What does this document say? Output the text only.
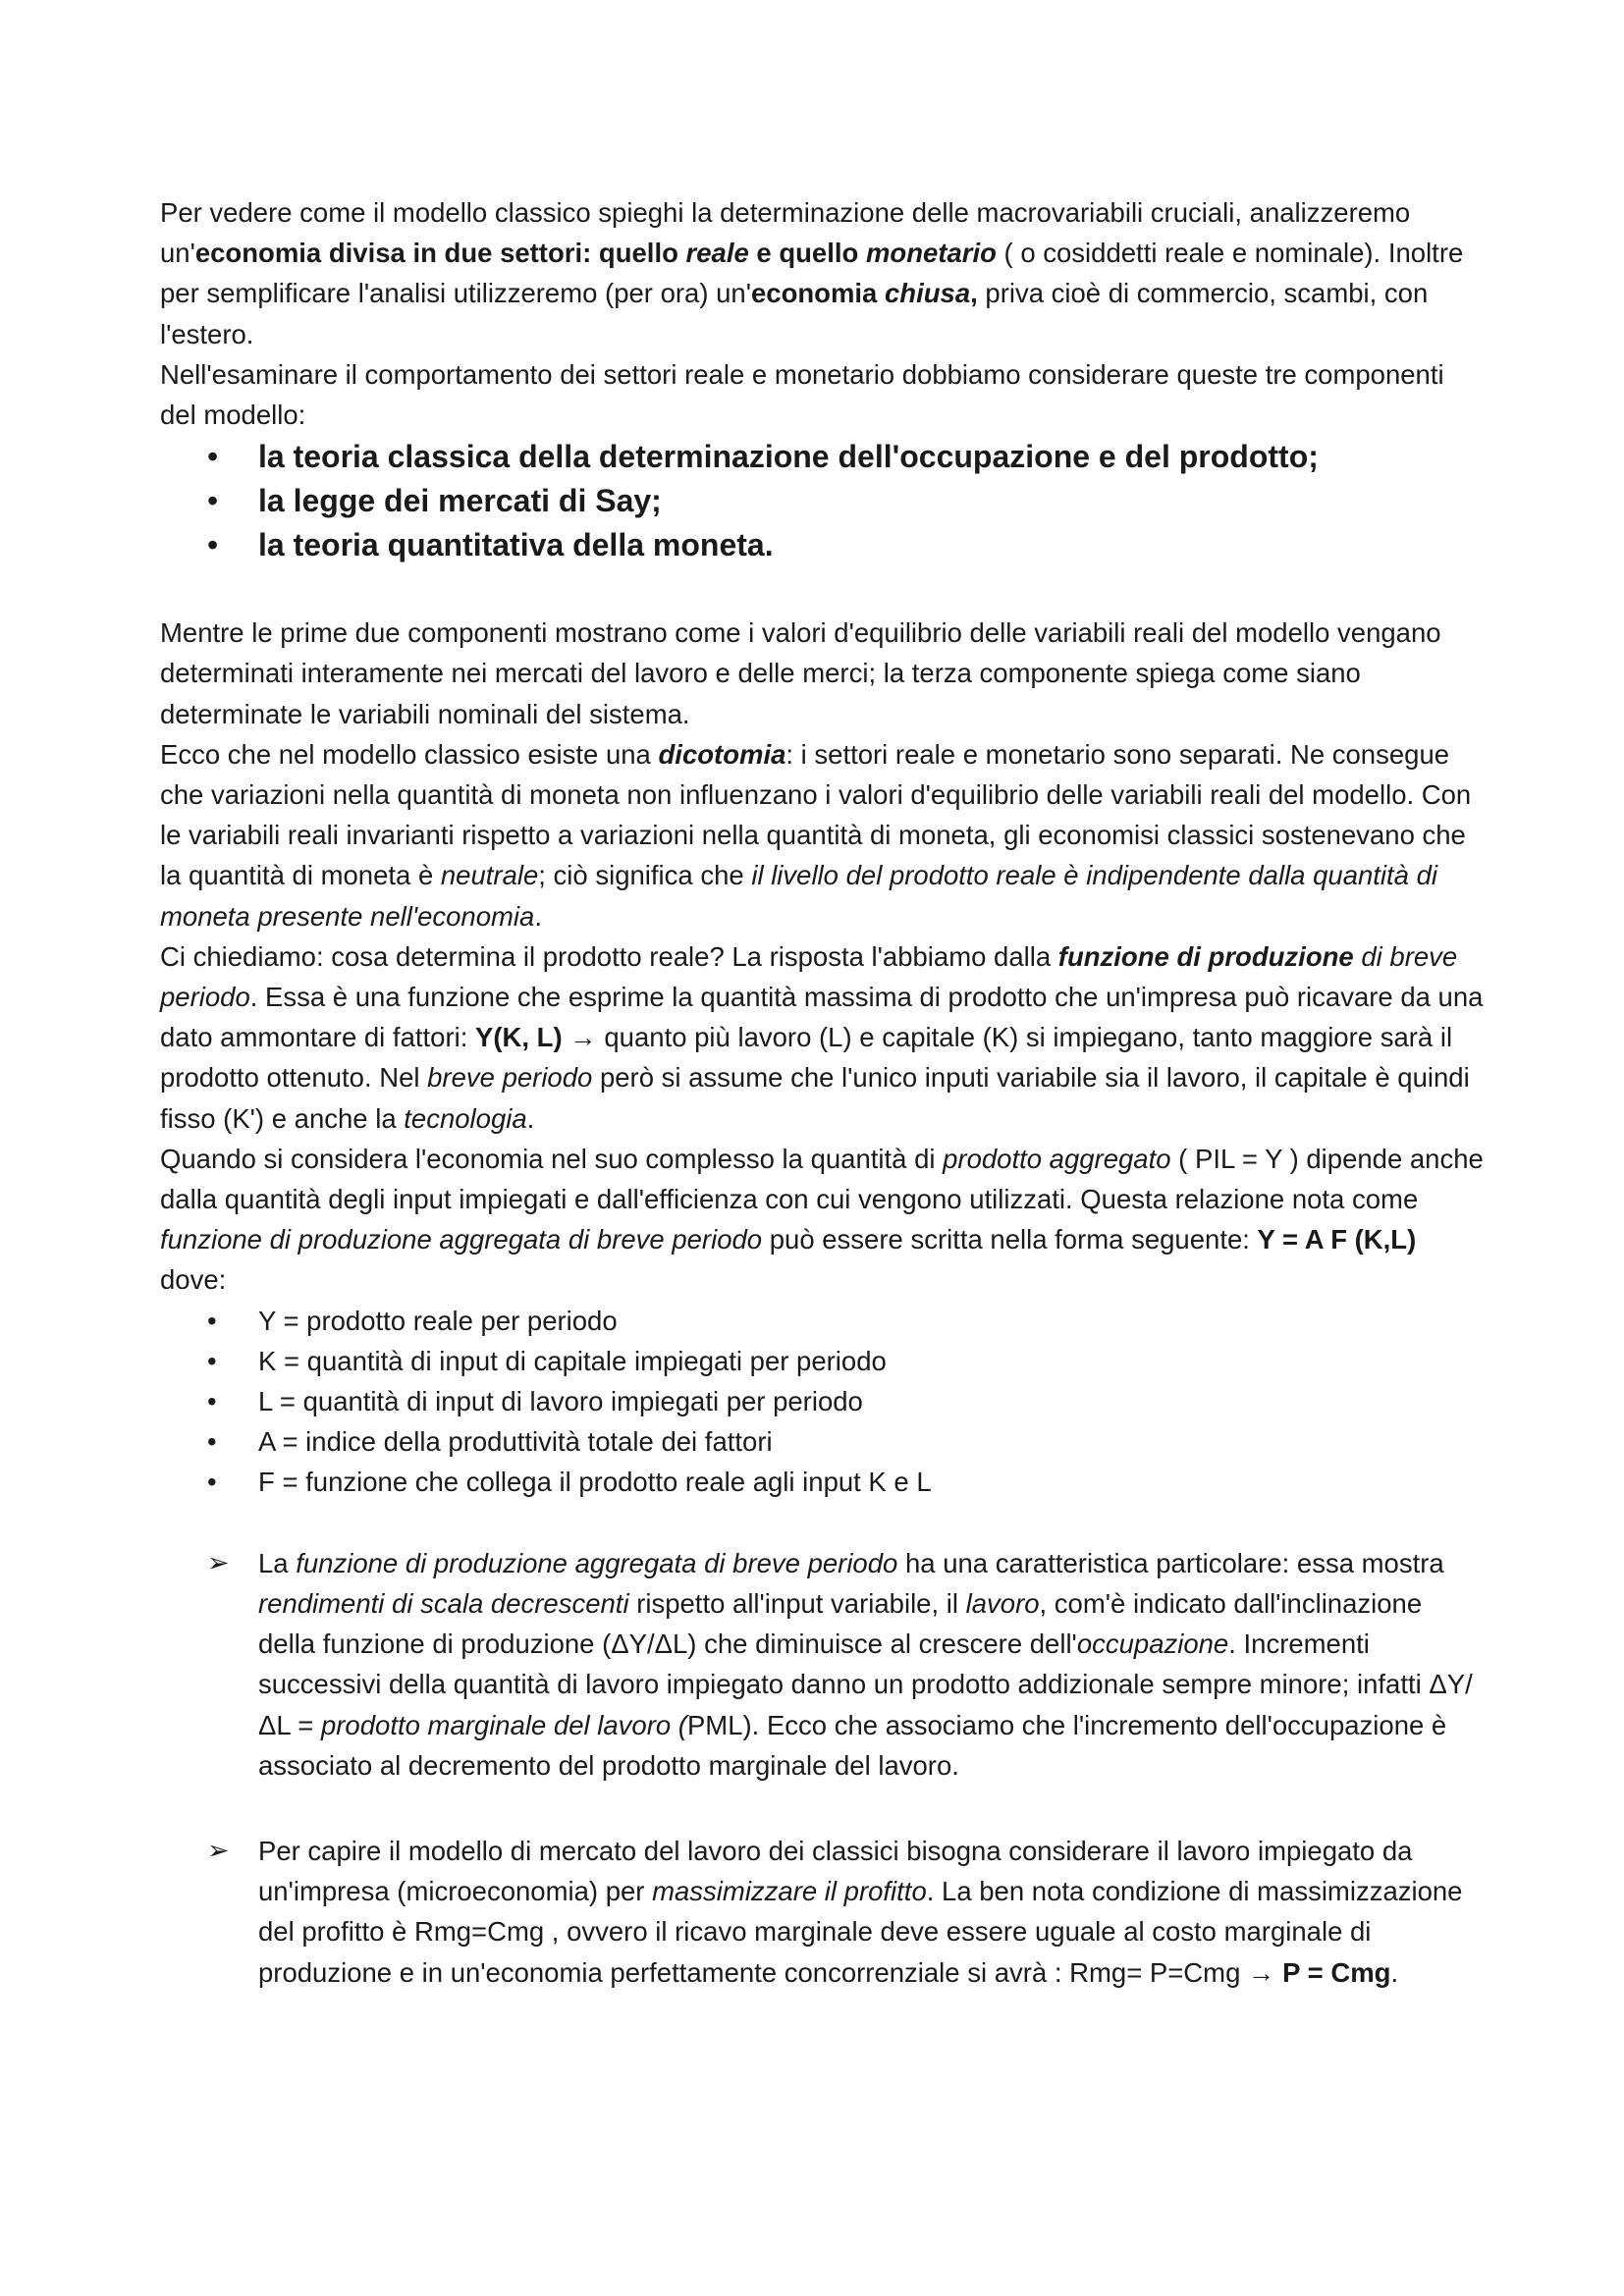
Per vedere come il modello classico spieghi la determinazione delle macrovariabili cruciali, analizzeremo un'economia divisa in due settori: quello reale e quello monetario ( o cosiddetti reale e nominale). Inoltre per semplificare l'analisi utilizzeremo (per ora) un'economia chiusa, priva cioè di commercio, scambi, con l'estero.

Nell'esaminare il comportamento dei settori reale e monetario dobbiamo considerare queste tre componenti del modello:

• la teoria classica della determinazione dell'occupazione e del prodotto;
• la legge dei mercati di Say;
• la teoria quantitativa della moneta.

Mentre le prime due componenti mostrano come i valori d'equilibrio delle variabili reali del modello vengano determinati interamente nei mercati del lavoro e delle merci; la terza componente spiega come siano determinate le variabili nominali del sistema.

Ecco che nel modello classico esiste una dicotomia: i settori reale e monetario sono separati. Ne consegue che variazioni nella quantità di moneta non influenzano i valori d'equilibrio delle variabili reali del modello. Con le variabili reali invarianti rispetto a variazioni nella quantità di moneta, gli economisi classici sostenevano che la quantità di moneta è neutrale; ciò significa che il livello del prodotto reale è indipendente dalla quantità di moneta presente nell'economia.

Ci chiediamo: cosa determina il prodotto reale? La risposta l'abbiamo dalla funzione di produzione di breve periodo. Essa è una funzione che esprime la quantità massima di prodotto che un'impresa può ricavare da una dato ammontare di fattori: Y(K, L) → quanto più lavoro (L) e capitale (K) si impiegano, tanto maggiore sarà il prodotto ottenuto. Nel breve periodo però si assume che l'unico inputi variabile sia il lavoro, il capitale è quindi fisso (K') e anche la tecnologia.

Quando si considera l'economia nel suo complesso la quantità di prodotto aggregato ( PIL = Y ) dipende anche dalla quantità degli input impiegati e dall'efficienza con cui vengono utilizzati. Questa relazione nota come funzione di produzione aggregata di breve periodo può essere scritta nella forma seguente: Y = A F (K,L)

dove:

• Y = prodotto reale per periodo
• K = quantità di input di capitale impiegati per periodo
• L = quantità di input di lavoro impiegati per periodo
• A = indice della produttività totale dei fattori
• F = funzione che collega il prodotto reale agli input K e L
➢ La funzione di produzione aggregata di breve periodo ha una caratteristica particolare: essa mostra rendimenti di scala decrescenti rispetto all'input variabile, il lavoro, com'è indicato dall'inclinazione della funzione di produzione (ΔY/ΔL) che diminuisce al crescere dell'occupazione. Incrementi successivi della quantità di lavoro impiegato danno un prodotto addizionale sempre minore; infatti ΔY/ΔL = prodotto marginale del lavoro (PML). Ecco che associamo che l'incremento dell'occupazione è associato al decremento del prodotto marginale del lavoro.
➢ Per capire il modello di mercato del lavoro dei classici bisogna considerare il lavoro impiegato da un'impresa (microeconomia) per massimizzare il profitto. La ben nota condizione di massimizzazione del profitto è Rmg=Cmg , ovvero il ricavo marginale deve essere uguale al costo marginale di produzione e in un'economia perfettamente concorrenziale si avrà : Rmg= P=Cmg → P = Cmg.
